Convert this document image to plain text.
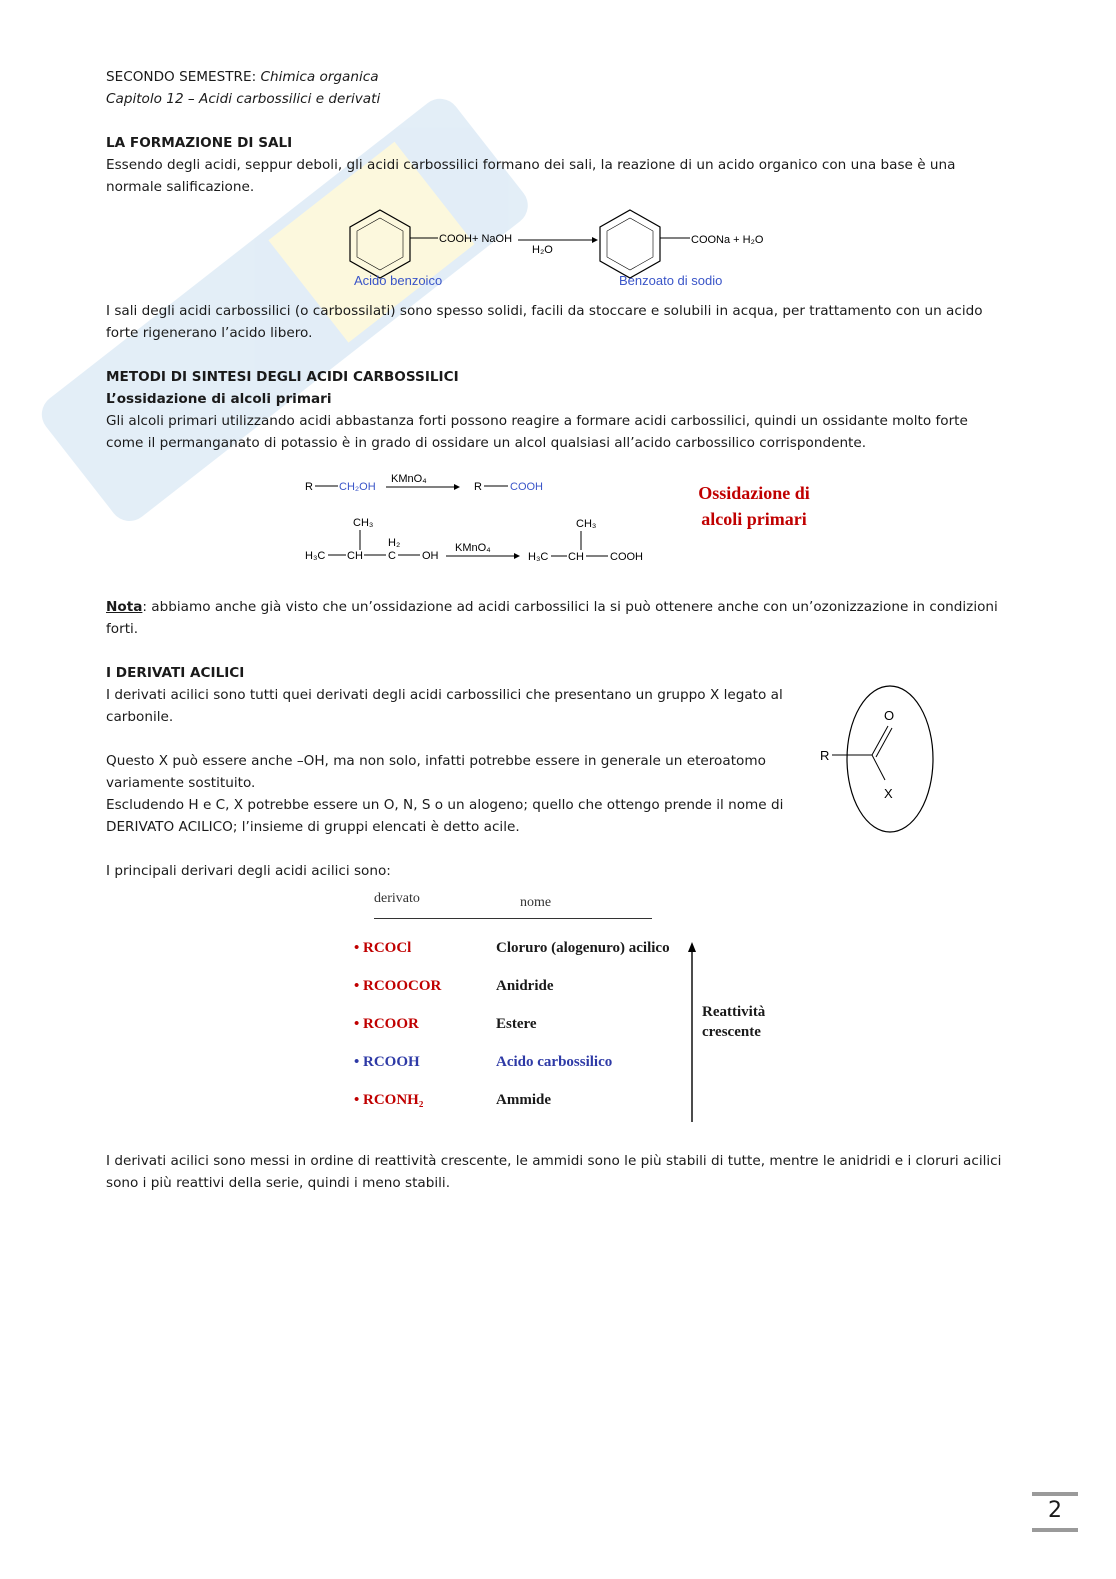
SECONDO SEMESTRE: Chimica organica

Capitolo 12 – Acidi carbossilici e derivati

LA FORMAZIONE DI SALI

Essendo degli acidi, seppur deboli, gli acidi carbossilici formano dei sali, la reazione di un acido organico con una base è una normale salificazione.

COOH+ NaOH
H₂O
COONa + H₂O
Acido benzoico	Benzoato di sodio

I sali degli acidi carbossilici (o carbossilati) sono spesso solidi, facili da stoccare e solubili in acqua, per trattamento con un acido forte rigenerano l’acido libero.

METODI DI SINTESI DEGLI ACIDI CARBOSSILICI

L’ossidazione di alcoli primari

Gli alcoli primari utilizzando acidi abbastanza forti possono reagire a formare acidi carbossilici, quindi un ossidante molto forte come il permanganato di potassio è in grado di ossidare un alcol qualsiasi all’acido carbossilico corrispondente.

R CH₂OH
KMnO₄
R	COOH
CH₃
H₃C CH
H₂
C OH
KMnO₄
H₃C CH
CH₃
COOH
Ossidazione di
alcoli primari

Nota: abbiamo anche già visto che un’ossidazione ad acidi carbossilici la si può ottenere anche con un’ozonizzazione in condizioni forti.

I DERIVATI ACILICI

I derivati acilici sono tutti quei derivati degli acidi carbossilici che presentano un gruppo X legato al carbonile.

Questo X può essere anche –OH, ma non solo, infatti potrebbe essere in generale un eteroatomo variamente sostituito.

Escludendo H e C, X potrebbe essere un O, N, S o un alogeno; quello che ottengo prende il nome di DERIVATO ACILICO; l’insieme di gruppi elencati è detto acile.

R
O
X

I principali derivari degli acidi acilici sono:

derivato	nome
• RCOCl	Cloruro (alogenuro) acilico
• RCOOCOR	Anidride
• RCOOR	Estere
• RCOOH	Acido carbossilico
• RCONH₂	Ammide
Reattività
crescente

I derivati acilici sono messi in ordine di reattività crescente, le ammidi sono le più stabili di tutte, mentre le anidridi e i cloruri acilici sono i più reattivi della serie, quindi i meno stabili.

2
